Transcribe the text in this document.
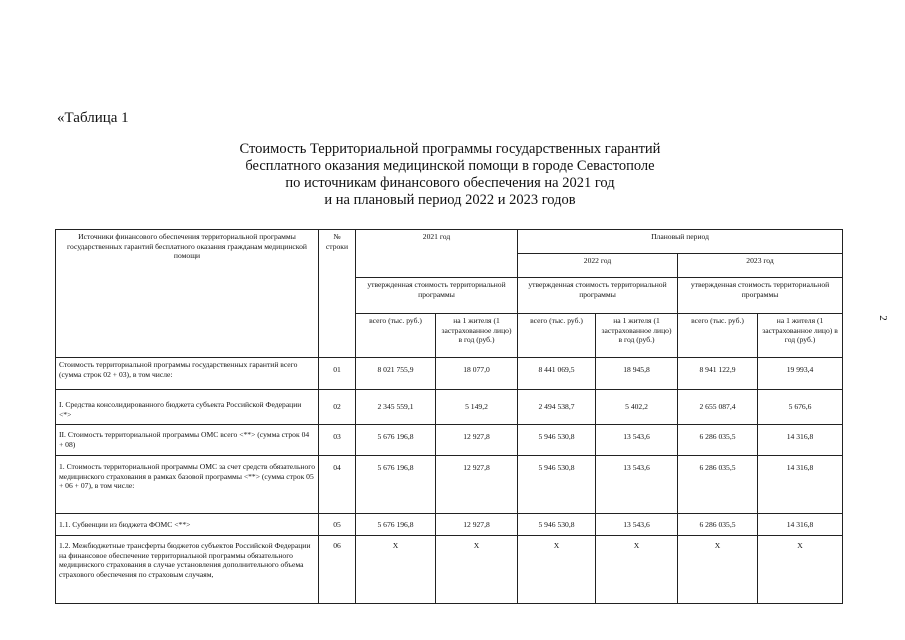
«Таблица 1
Стоимость Территориальной программы государственных гарантий
бесплатного оказания медицинской помощи в городе Севастополе
по источникам финансового обеспечения на 2021 год
и на плановый период 2022 и 2023 годов
2
Источники финансового обеспечения территориальной программы государственных гарантий бесплатного оказания гражданам медицинской помощи	№ строки	2021 год		Плановый период			
				2022 год		2023 год	
		утвержденная стоимость территориальной программы		утвержденная стоимость территориальной программы		утвержденная стоимость территориальной программы	
		всего (тыс. руб.)	на 1 жителя (1 застрахованное лицо) в год (руб.)	всего (тыс. руб.)	на 1 жителя (1 застрахованное лицо) в год (руб.)	всего (тыс. руб.)	на 1 жителя (1 застрахованное лицо) в год (руб.)
Стоимость территориальной программы государственных гарантий всего (сумма строк 02 + 03), в том числе:	01	8 021 755,9	18 077,0	8 441 069,5	18 945,8	8 941 122,9	19 993,4
I. Средства консолидированного бюджета субъекта Российской Федерации <*>	02	2 345 559,1	5 149,2	2 494 538,7	5 402,2	2 655 087,4	5 676,6
II. Стоимость территориальной программы ОМС всего <**> (сумма строк 04 + 08)	03	5 676 196,8	12 927,8	5 946 530,8	13 543,6	6 286 035,5	14 316,8
1. Стоимость территориальной программы ОМС за счет средств обязательного медицинского страхования в рамках базовой программы <**> (сумма строк 05 + 06 + 07), в том числе:	04	5 676 196,8	12 927,8	5 946 530,8	13 543,6	6 286 035,5	14 316,8
1.1. Субвенции из бюджета ФОМС <**>	05	5 676 196,8	12 927,8	5 946 530,8	13 543,6	6 286 035,5	14 316,8
1.2. Межбюджетные трансферты бюджетов субъектов Российской Федерации на финансовое обеспечение территориальной программы обязательного медицинского страхования в случае установления дополнительного объема страхового обеспечения по страховым случаям,	06	X	X	X	X	X	X
